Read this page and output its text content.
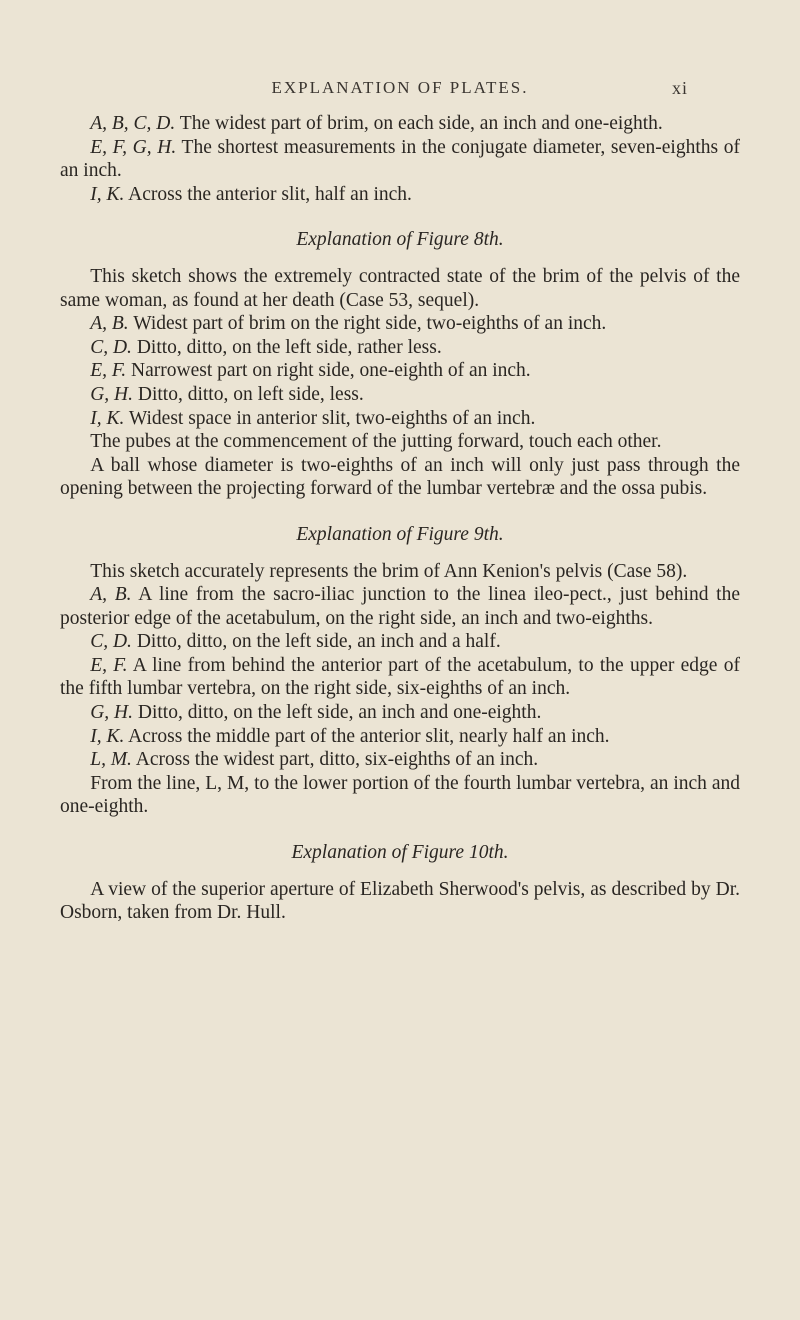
EXPLANATION OF PLATES.	xi

A, B, C, D. The widest part of brim, on each side, an inch and one-eighth.

E, F, G, H. The shortest measurements in the conjugate diameter, seven-eighths of an inch.

I, K. Across the anterior slit, half an inch.

Explanation of Figure 8th.

This sketch shows the extremely contracted state of the brim of the pelvis of the same woman, as found at her death (Case 53, sequel).

A, B. Widest part of brim on the right side, two-eighths of an inch.

C, D. Ditto, ditto, on the left side, rather less.

E, F. Narrowest part on right side, one-eighth of an inch.

G, H. Ditto, ditto, on left side, less.

I, K. Widest space in anterior slit, two-eighths of an inch.

The pubes at the commencement of the jutting forward, touch each other.

A ball whose diameter is two-eighths of an inch will only just pass through the opening between the projecting forward of the lumbar vertebræ and the ossa pubis.

Explanation of Figure 9th.

This sketch accurately represents the brim of Ann Kenion's pelvis (Case 58).

A, B. A line from the sacro-iliac junction to the linea ileo-pect., just behind the posterior edge of the acetabulum, on the right side, an inch and two-eighths.

C, D. Ditto, ditto, on the left side, an inch and a half.

E, F. A line from behind the anterior part of the acetabulum, to the upper edge of the fifth lumbar vertebra, on the right side, six-eighths of an inch.

G, H. Ditto, ditto, on the left side, an inch and one-eighth.

I, K. Across the middle part of the anterior slit, nearly half an inch.

L, M. Across the widest part, ditto, six-eighths of an inch.

From the line, L, M, to the lower portion of the fourth lumbar vertebra, an inch and one-eighth.

Explanation of Figure 10th.

A view of the superior aperture of Elizabeth Sherwood's pelvis, as described by Dr. Osborn, taken from Dr. Hull.
